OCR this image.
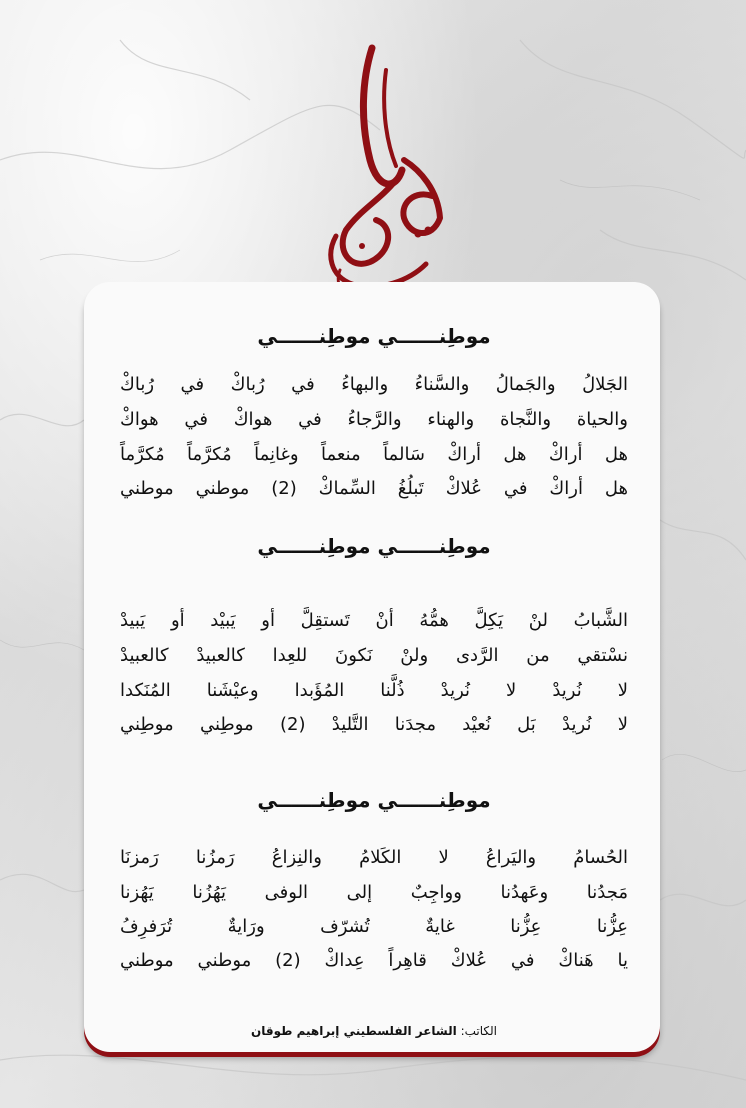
موطِنــــــي موطِنــــــي

الجَلالُ والجَمالُ والسَّناءُ والبهاءُ في رُباكْ في رُباكْ

والحياة والنَّجاة والهناء والرَّجاءُ في هواكْ في هواكْ

هل أراكْ هل أراكْ سَالماً منعماً وغانِماً مُكرَّماً مُكرَّماً

هل أراكْ في عُلاكْ تَبلُغُ السِّماكْ (2) موطني موطني

موطِنــــــي موطِنــــــي

الشَّبابُ لنْ يَكِلَّ همُّهُ أنْ تَستقِلَّ أو يَبيْد أو يَبيدْ

نسْتقي من الرَّدى ولنْ نَكونَ للعِدا كالعبيدْ كالعبيدْ

لا نُريدْ لا نُريدْ ذُلَّنا المُؤَبدا وعيْشَنا المُنَكدا

لا نُريدْ بَل نُعيْد مجدَنا التَّليدْ (2) موطِني موطِني

موطِنــــــي موطِنــــــي

الحُسامُ واليَراعُ لا الكَلامُ والنِزاعُ رَمزُنا رَمزنَا

مَجدُنا وعَهدُنا وواجِبٌ إلى الوفى يَهُزُنا يَهُزنا

عِزُّنا عِزُّنا غايةٌ تُشرّف ورَايةٌ تُرَفرِفُ

يا هَناكْ في عُلاكْ قاهِراً عِداكْ (2) موطني موطني

الكاتب: الشاعر الفلسطيني إبراهيم طوقان
